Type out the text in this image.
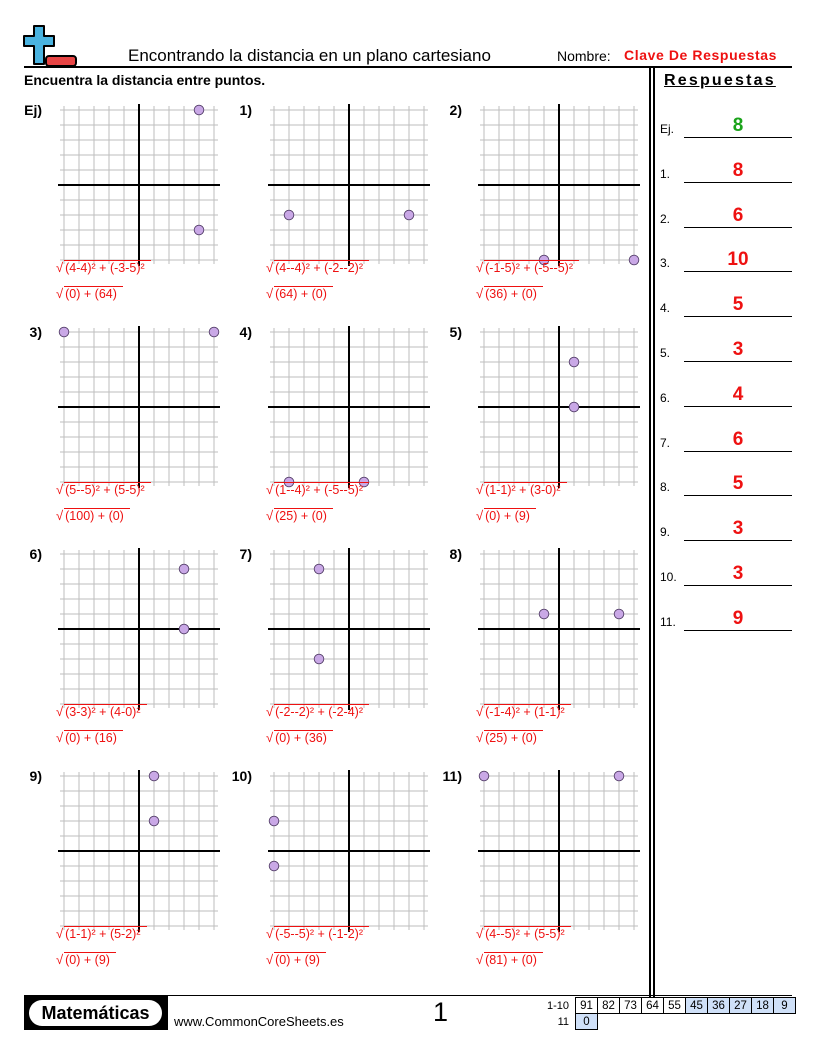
Encontrando la distancia en un plano cartesiano	Nombre: Clave De Respuestas
Encuentra la distancia entre puntos.
Ej)
√ (4-4)² + (-3-5)²
√ (0) + (64)
1)
√ (4--4)² + (-2--2)²
√ (64) + (0)
2)
√ (-1-5)² + (-5--5)²
√ (36) + (0)
3)
√ (5--5)² + (5-5)²
√ (100) + (0)
4)
√ (1--4)² + (-5--5)²
√ (25) + (0)
5)
√ (1-1)² + (3-0)²
√ (0) + (9)
6)
√ (3-3)² + (4-0)²
√ (0) + (16)
7)
√ (-2--2)² + (-2-4)²
√ (0) + (36)
8)
√ (-1-4)² + (1-1)²
√ (25) + (0)
9)
√ (1-1)² + (5-2)²
√ (0) + (9)
10)
√ (-5--5)² + (-1-2)²
√ (0) + (9)
11)
√ (4--5)² + (5-5)²
√ (81) + (0)
Respuestas
Ej.	8
1.	8
2.	6
3.	10
4.	5
5.	3
6.	4
7.	6
8.	5
9.	3
10.	3
11.	9
Matemáticas	www.CommonCoreSheets.es	1	1-10	91	82	73	64	55	45	36	27	18	9
11	0									
